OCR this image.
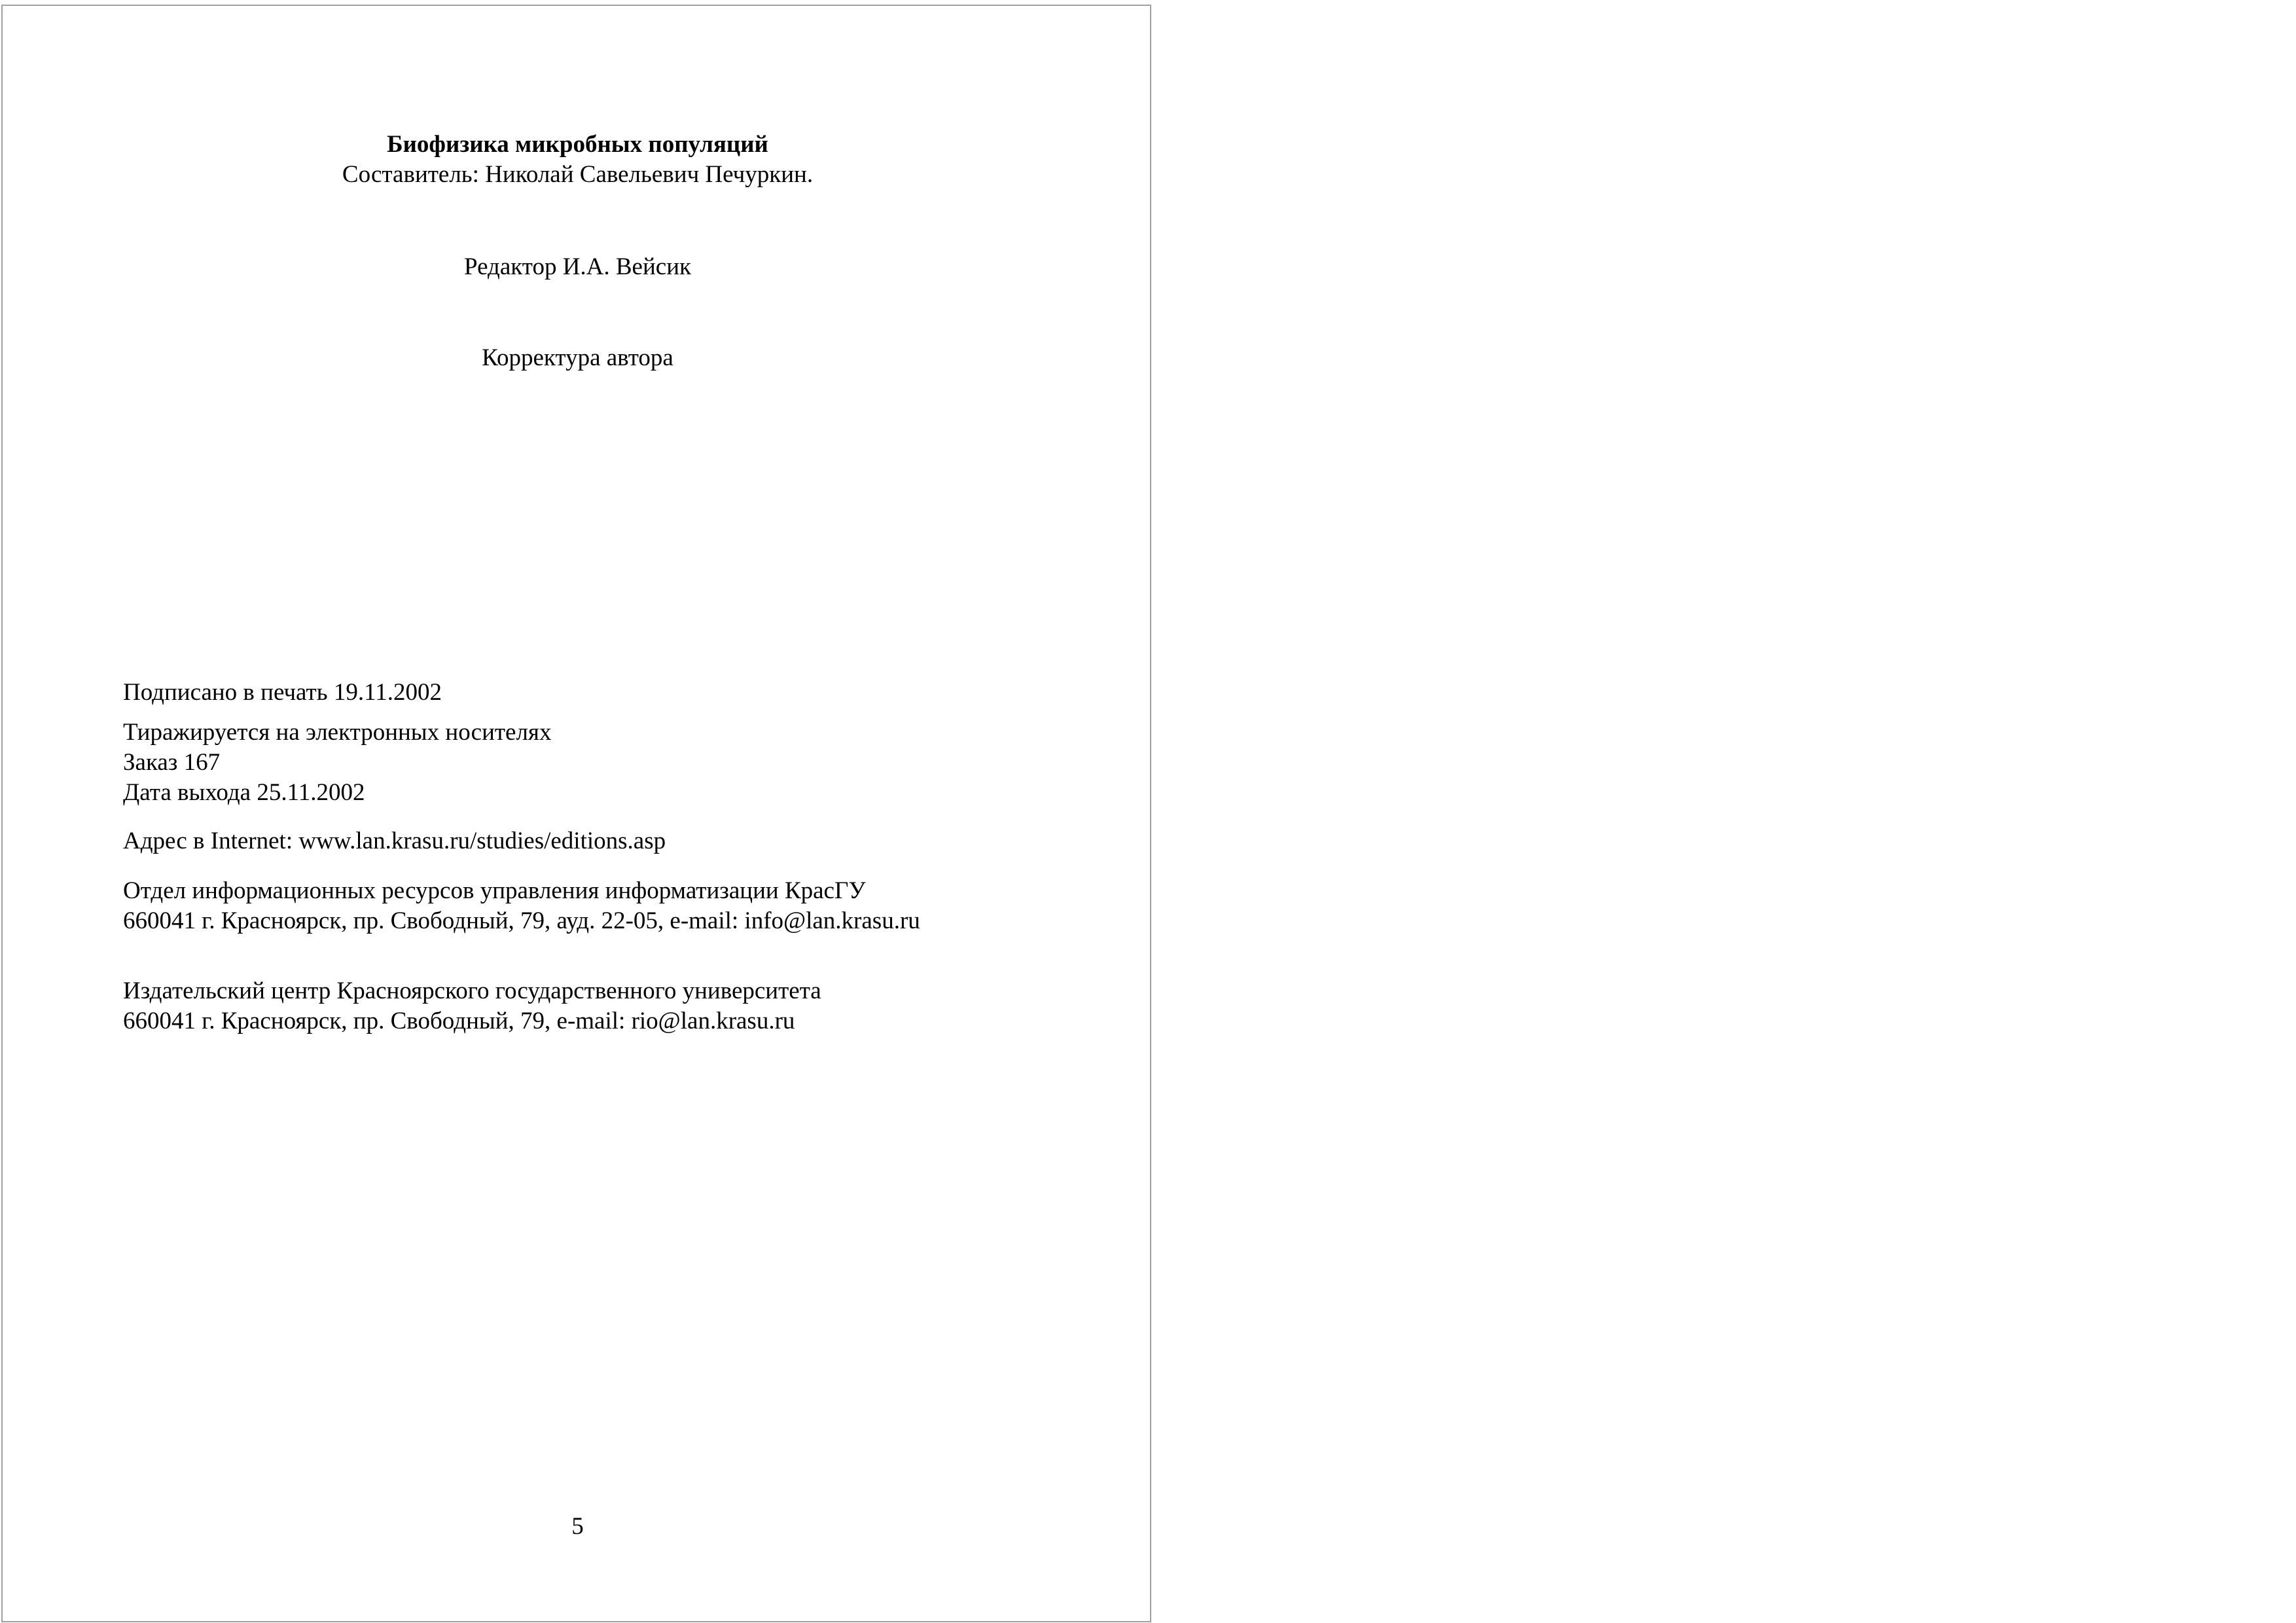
Биофизика микробных популяций
Составитель: Николай Савельевич Печуркин.
Редактор И.А. Вейсик
Корректура автора
Подписано в печать 19.11.2002
Тиражируется на электронных носителях
Заказ 167
Дата выхода 25.11.2002
Адрес в Internet: www.lan.krasu.ru/studies/editions.asp
Отдел информационных ресурсов управления информатизации КрасГУ
660041 г. Красноярск, пр. Свободный, 79, ауд. 22-05, e-mail: info@lan.krasu.ru
Издательский центр Красноярского государственного университета
660041 г. Красноярск, пр. Свободный, 79, e-mail: rio@lan.krasu.ru
5
